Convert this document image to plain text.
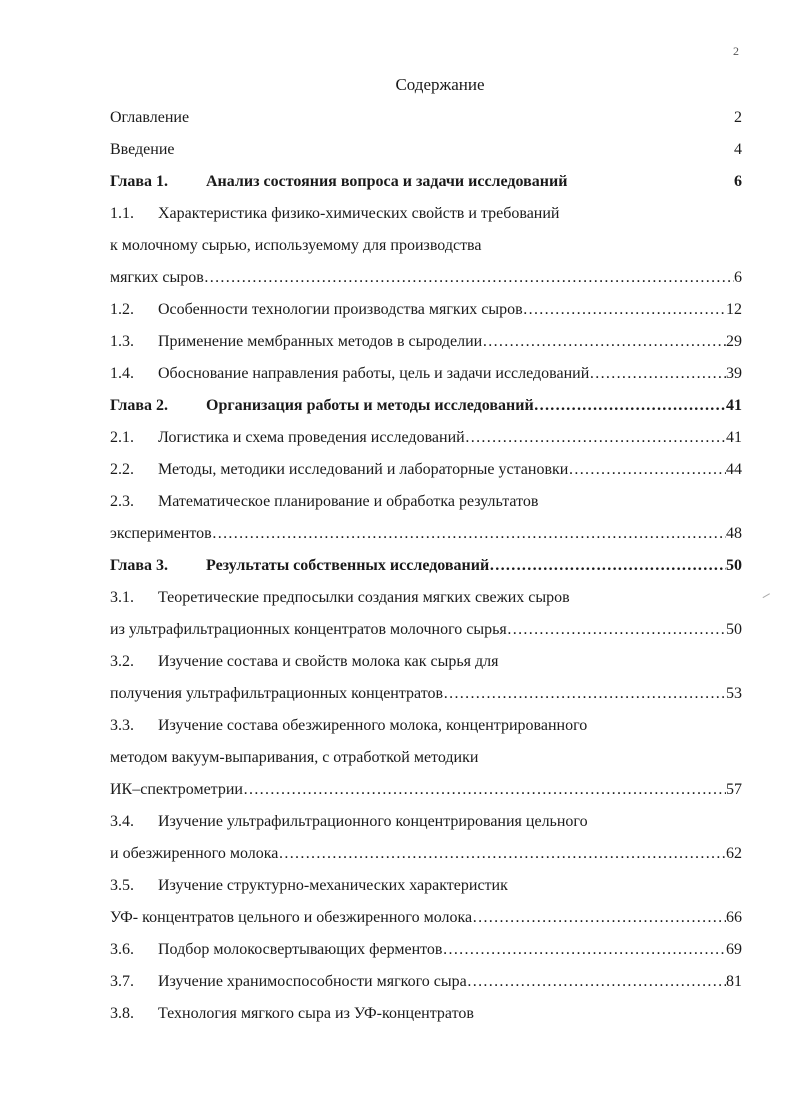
2
Содержание
Оглавление	2
Введение	4
Глава 1. Анализ состояния вопроса и задачи исследований	6
1.1. Характеристика физико-химических свойств и требований
к молочному сырью, используемому для производства
мягких сыров …………………………………………………………………………………………………………………………………………………………………………	6
1.2. Особенности технологии производства мягких сыров …………………………………………………………………………………………………………………………………………………………………………	12
1.3. Применение мембранных методов в сыроделии …………………………………………………………………………………………………………………………………………………………………………	29
1.4. Обоснование направления работы, цель и задачи исследований …………………………………………………………………………………………………………………………………………………………………………	39
Глава 2. Организация работы и методы исследований …………………………………………………………………………………………………………………………………………………………………………	41
2.1. Логистика и схема проведения исследований …………………………………………………………………………………………………………………………………………………………………………	41
2.2. Методы, методики исследований и лабораторные установки …………………………………………………………………………………………………………………………………………………………………………	44
2.3. Математическое планирование и обработка результатов
экспериментов …………………………………………………………………………………………………………………………………………………………………………	48
Глава 3. Результаты собственных исследований …………………………………………………………………………………………………………………………………………………………………………	50
3.1. Теоретические предпосылки создания мягких свежих сыров
из ультрафильтрационных концентратов молочного сырья …………………………………………………………………………………………………………………………………………………………………………	50
3.2. Изучение состава и свойств молока как сырья для
получения ультрафильтрационных концентратов …………………………………………………………………………………………………………………………………………………………………………	53
3.3. Изучение состава обезжиренного молока, концентрированного
методом вакуум-выпаривания, с отработкой методики
ИК–спектрометрии …………………………………………………………………………………………………………………………………………………………………………	57
3.4. Изучение ультрафильтрационного концентрирования цельного
и обезжиренного молока …………………………………………………………………………………………………………………………………………………………………………	62
3.5. Изучение структурно-механических характеристик
УФ- концентратов цельного и обезжиренного молока …………………………………………………………………………………………………………………………………………………………………………	66
3.6. Подбор молокосвертывающих ферментов …………………………………………………………………………………………………………………………………………………………………………	69
3.7. Изучение хранимоспособности мягкого сыра …………………………………………………………………………………………………………………………………………………………………………	81
3.8. Технология мягкого сыра из УФ-концентратов
